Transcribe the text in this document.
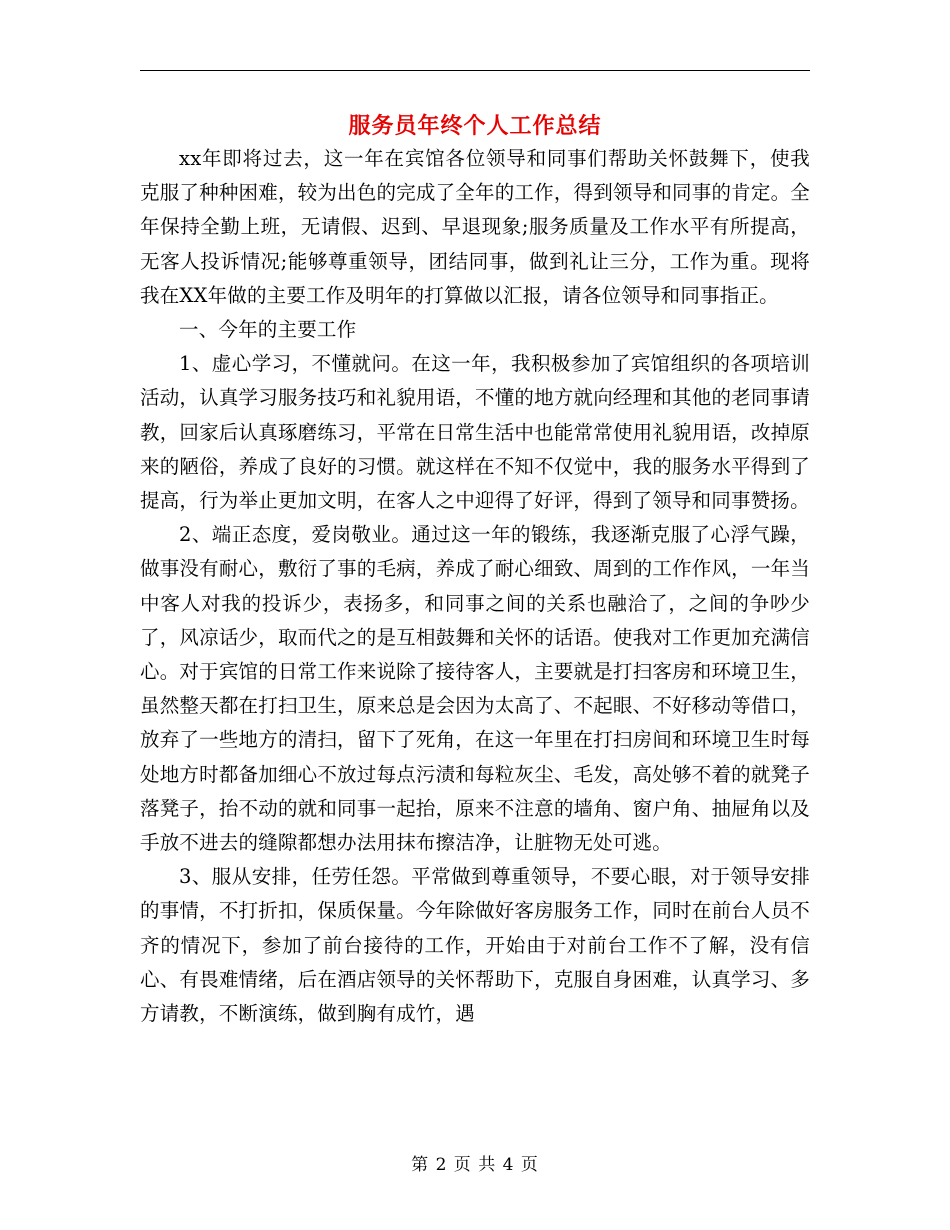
服务员年终个人工作总结

xx年即将过去，这一年在宾馆各位领导和同事们帮助关怀鼓舞下，使我克服了种种困难，较为出色的完成了全年的工作，得到领导和同事的肯定。全年保持全勤上班，无请假、迟到、早退现象;服务质量及工作水平有所提高，无客人投诉情况;能够尊重领导，团结同事，做到礼让三分，工作为重。现将我在XX年做的主要工作及明年的打算做以汇报，请各位领导和同事指正。

一、今年的主要工作

1、虚心学习，不懂就问。在这一年，我积极参加了宾馆组织的各项培训活动，认真学习服务技巧和礼貌用语，不懂的地方就向经理和其他的老同事请教，回家后认真琢磨练习，平常在日常生活中也能常常使用礼貌用语，改掉原来的陋俗，养成了良好的习惯。就这样在不知不仅觉中，我的服务水平得到了提高，行为举止更加文明，在客人之中迎得了好评，得到了领导和同事赞扬。

2、端正态度，爱岗敬业。通过这一年的锻练，我逐渐克服了心浮气躁，做事没有耐心，敷衍了事的毛病，养成了耐心细致、周到的工作作风，一年当中客人对我的投诉少，表扬多，和同事之间的关系也融洽了，之间的争吵少了，风凉话少，取而代之的是互相鼓舞和关怀的话语。使我对工作更加充满信心。对于宾馆的日常工作来说除了接待客人，主要就是打扫客房和环境卫生，虽然整天都在打扫卫生，原来总是会因为太高了、不起眼、不好移动等借口，放弃了一些地方的清扫，留下了死角，在这一年里在打扫房间和环境卫生时每处地方时都备加细心不放过每点污渍和每粒灰尘、毛发，高处够不着的就凳子落凳子，抬不动的就和同事一起抬，原来不注意的墙角、窗户角、抽屉角以及手放不进去的缝隙都想办法用抹布擦洁净，让脏物无处可逃。

3、服从安排，任劳任怨。平常做到尊重领导，不要心眼，对于领导安排的事情，不打折扣，保质保量。今年除做好客房服务工作，同时在前台人员不齐的情况下，参加了前台接待的工作，开始由于对前台工作不了解，没有信心、有畏难情绪，后在酒店领导的关怀帮助下，克服自身困难，认真学习、多方请教，不断演练，做到胸有成竹，遇

第 2 页 共 4 页
